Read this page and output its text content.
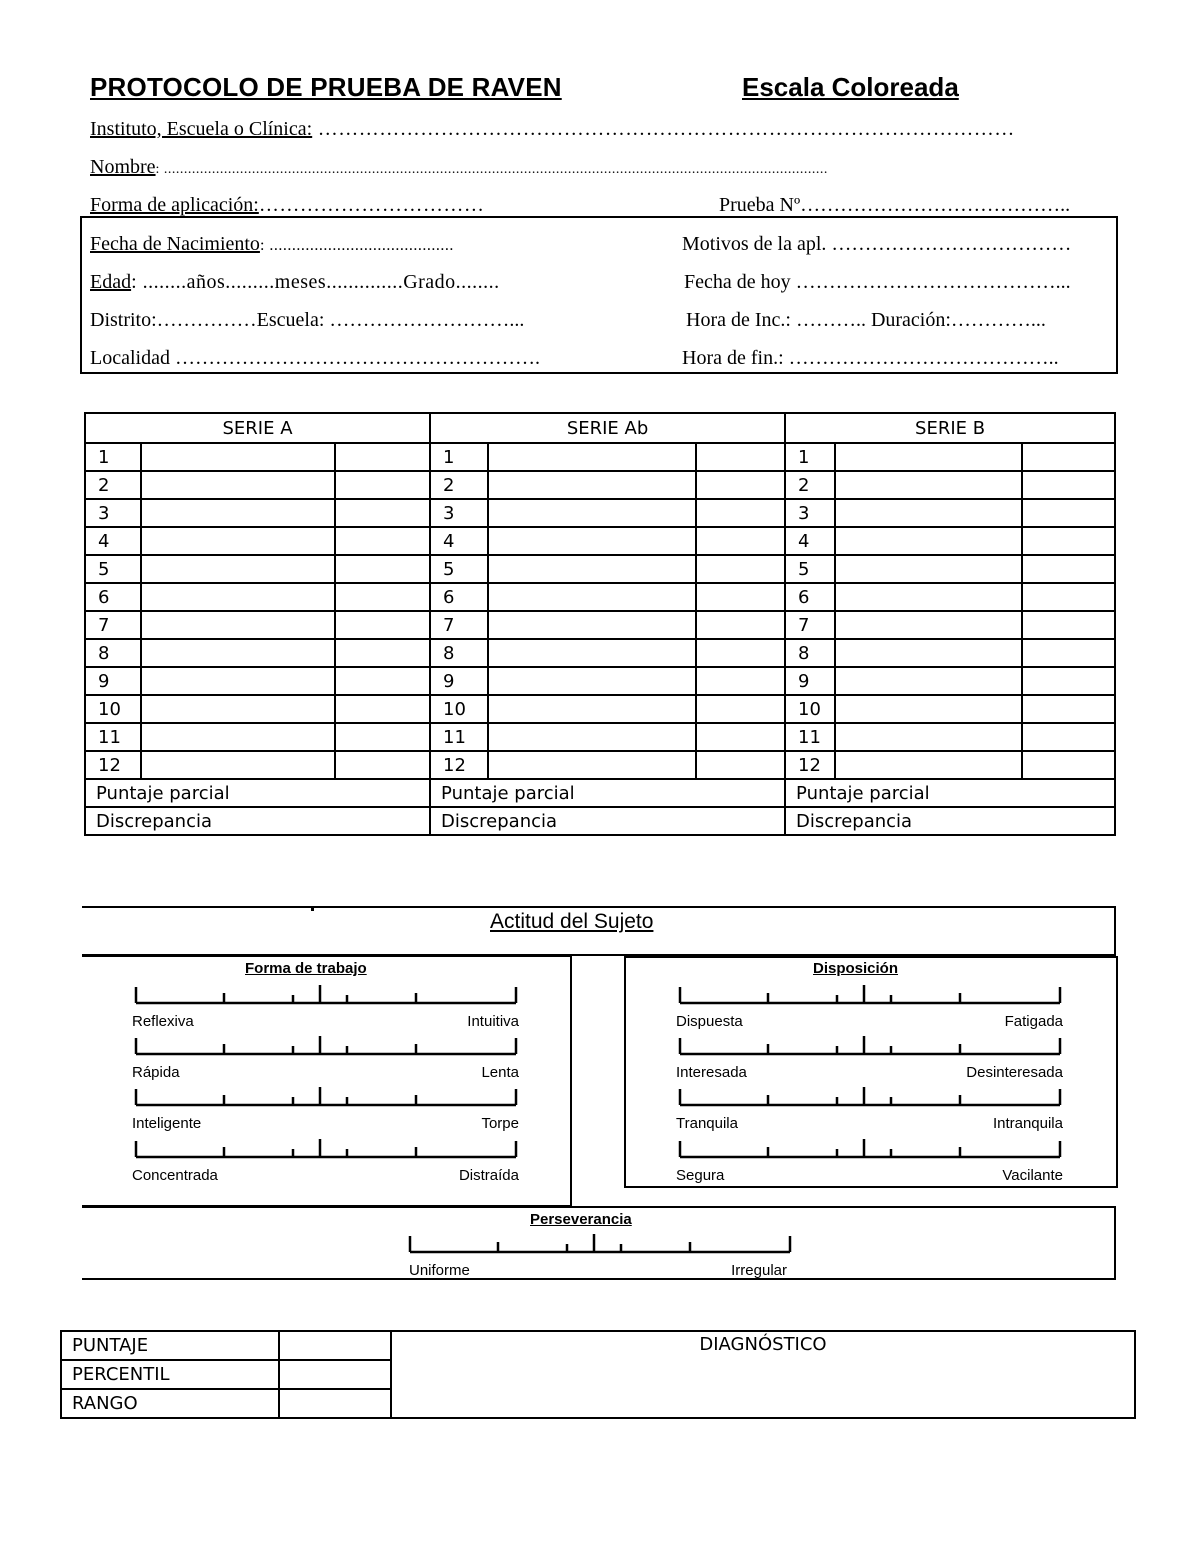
PROTOCOLO DE PRUEBA DE RAVEN	Escala Coloreada
Instituto, Escuela o Clínica: …………………………………………………………………………………………
Nombre: ......................................................................................................................................................................
Forma de aplicación:……………………………	Prueba Nº…………………………………..
Fecha de Nacimiento: .........................................	Motivos de la apl. ………………………………
Edad: ........años.........meses..............Grado........	Fecha de hoy …………………………………...
Distrito:……………Escuela: ………………………...	Hora de Inc.: ……….. Duración:…………...
Localidad ……………………………………………….	Hora de fin.: …………………………………..
SERIE A			SERIE Ab			SERIE B		
1			1			1		
2			2			2		
3			3			3		
4			4			4		
5			5			5		
6			6			6		
7			7			7		
8			8			8		
9			9			9		
10			10			10		
11			11			11		
12			12			12		
Puntaje parcial			Puntaje parcial			Puntaje parcial		
Discrepancia			Discrepancia			Discrepancia		
Actitud del Sujeto
Forma de trabajo	Disposición
Perseverancia
Reflexiva	Intuitiva
Rápida	Lenta
Inteligente	Torpe
Concentrada	Distraída
Dispuesta	Fatigada
Interesada	Desinteresada
Tranquila	Intranquila
Segura	Vacilante
Uniforme	Irregular
PUNTAJE		DIAGNÓSTICO
PERCENTIL		
RANGO		
